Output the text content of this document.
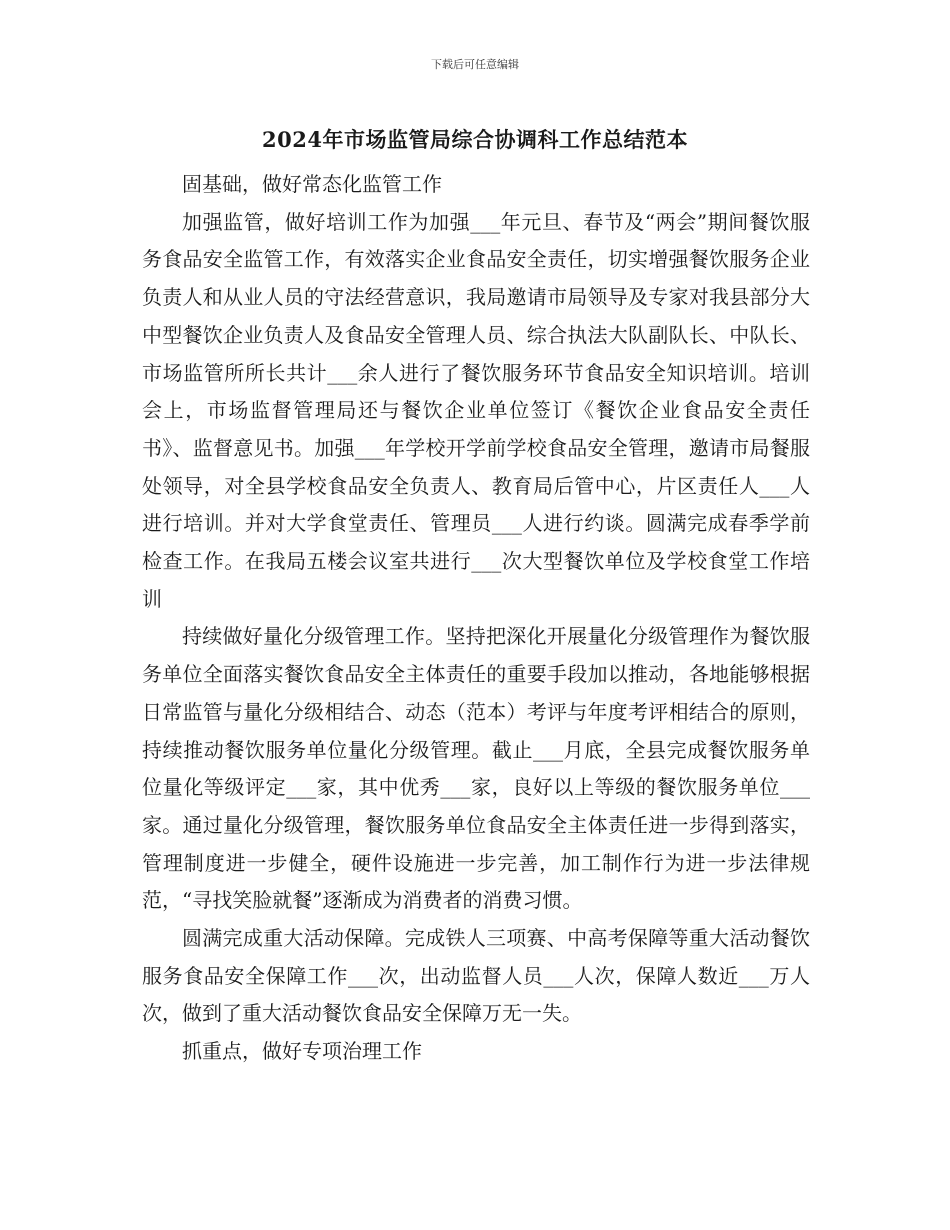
下载后可任意编辑
2024年市场监管局综合协调科工作总结范本

固基础，做好常态化监管工作

加强监管，做好培训工作为加强___年元旦、春节及“两会”期间餐饮服务食品安全监管工作，有效落实企业食品安全责任，切实增强餐饮服务企业负责人和从业人员的守法经营意识，我局邀请市局领导及专家对我县部分大中型餐饮企业负责人及食品安全管理人员、综合执法大队副队长、中队长、市场监管所所长共计___余人进行了餐饮服务环节食品安全知识培训。培训会上，市场监督管理局还与餐饮企业单位签订《餐饮企业食品安全责任书》、监督意见书。加强___年学校开学前学校食品安全管理，邀请市局餐服处领导，对全县学校食品安全负责人、教育局后管中心，片区责任人___人进行培训。并对大学食堂责任、管理员___人进行约谈。圆满完成春季学前检查工作。在我局五楼会议室共进行___次大型餐饮单位及学校食堂工作培训

持续做好量化分级管理工作。坚持把深化开展量化分级管理作为餐饮服务单位全面落实餐饮食品安全主体责任的重要手段加以推动，各地能够根据日常监管与量化分级相结合、动态（范本）考评与年度考评相结合的原则，持续推动餐饮服务单位量化分级管理。截止___月底，全县完成餐饮服务单位量化等级评定___家，其中优秀___家，良好以上等级的餐饮服务单位___家。通过量化分级管理，餐饮服务单位食品安全主体责任进一步得到落实，管理制度进一步健全，硬件设施进一步完善，加工制作行为进一步法律规范，“寻找笑脸就餐”逐渐成为消费者的消费习惯。

圆满完成重大活动保障。完成铁人三项赛、中高考保障等重大活动餐饮服务食品安全保障工作___次，出动监督人员___人次，保障人数近___万人次，做到了重大活动餐饮食品安全保障万无一失。

抓重点，做好专项治理工作
